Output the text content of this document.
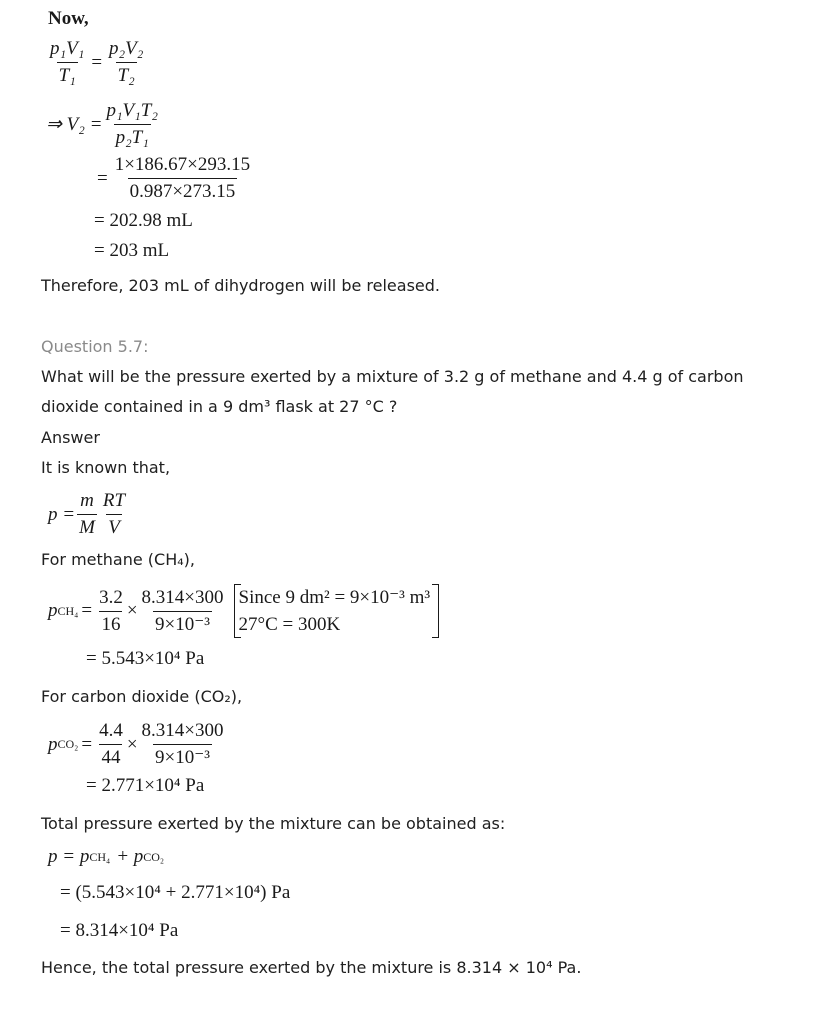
Now,
$\frac{\text{p₁V₁}}{\text{T₁}} = \frac{\text{p₂V₂}}{\text{T₂}}$
⇒ $V_2 = \frac{\text{p₁V₁T₂}}{\text{p₂T₁}}$
= $\frac{1\times 186.67\times 293.15}{0.987\times 273.15}$
= 202.98 mL
= 203 mL
Therefore, 203 mL of dihydrogen will be released.
Question 5.7:
What will be the pressure exerted by a mixture of 3.2 g of methane and 4.4 g of carbon
dioxide contained in a 9 dm³ flask at 27 °C ?
Answer
It is known that,
$p = \frac{m}{M} \frac{RT}{V}$
For methane (CH₄),
p $CH_4 = \frac{3.2}{16} \times \frac{8.314\times 300}{\text{9×10⁻³}}$ Since 9 dm² = 9×10⁻³ m³
27°C = 300K
= 5.543×10⁴ Pa
For carbon dioxide (CO₂),
p $CO_2 = \frac{4.4}{44} \times \frac{8.314\times 300}{\text{9×10⁻³}}$
= 2.771×10⁴ Pa
Total pressure exerted by the mixture can be obtained as:
p = p CH₄ + p CO₂
= (5.543×10⁴ + 2.771×10⁴) Pa
= 8.314×10⁴ Pa
Hence, the total pressure exerted by the mixture is 8.314 × 10⁴ Pa.
